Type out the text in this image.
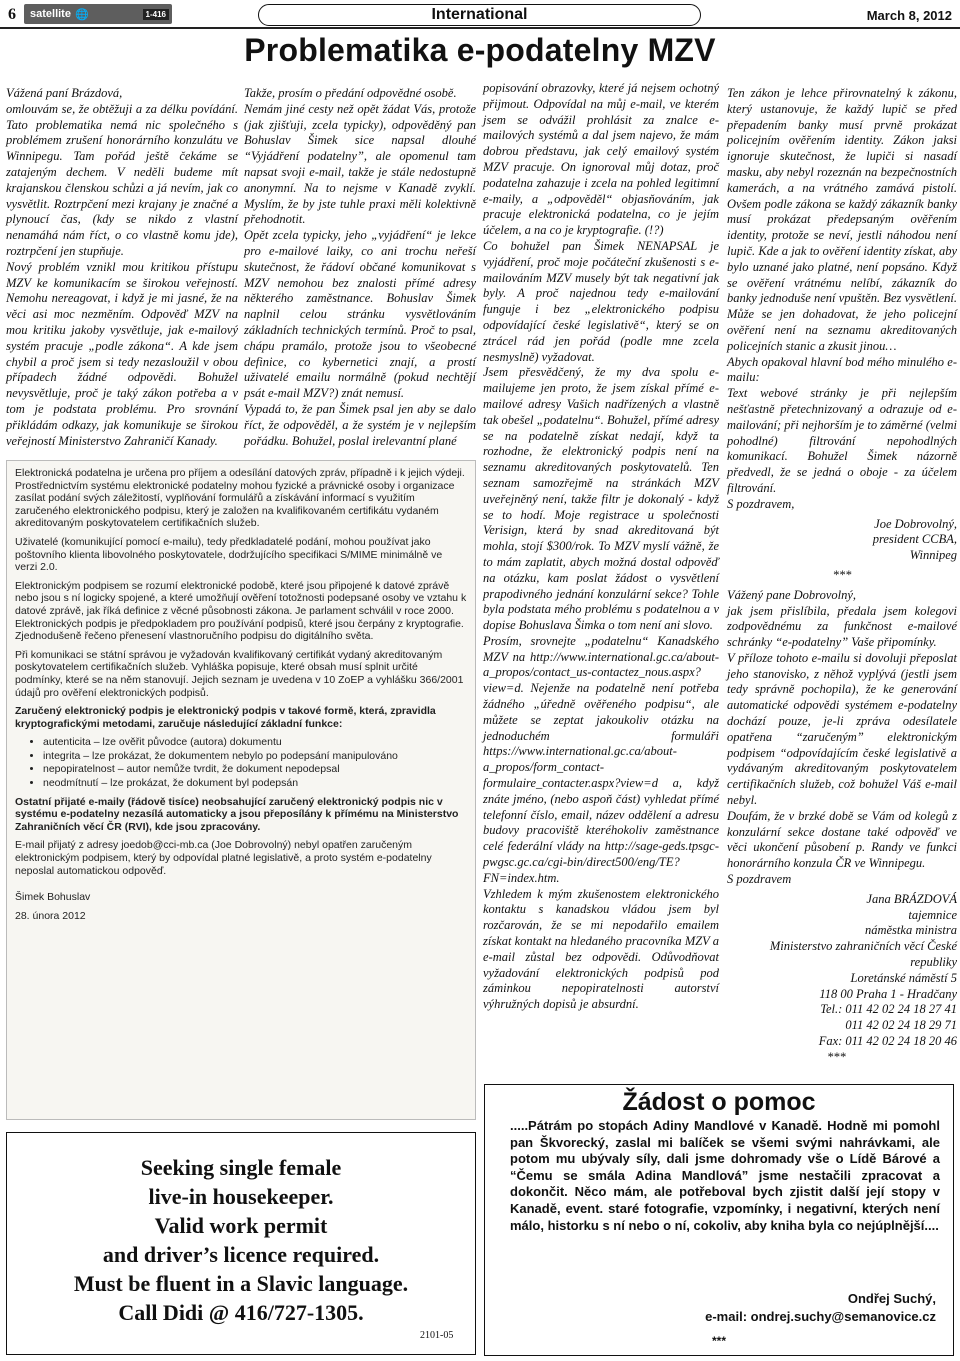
6 satellite 🌐	1-416	International	March 8, 2012
Problematika e-podatelny MZV
Vážená paní Brázdová,
omlouvám se, že obtěžuji a za délku povídání. Tato problematika nemá nic společného s problémem zrušení honorárního konzulátu ve Winnipegu. Tam pořád ještě čekáme se zatajeným dechem. V neděli budeme mít krajanskou členskou schůzi a já nevím, jak co vysvětlit. Roztrpčení mezi krajany je značné a plynoucí čas, (kdy se nikdo z vlastní nenamáhá nám říct, o co vlastně komu jde), roztrpčení jen stupňuje.
Nový problém vznikl mou kritikou přístupu MZV ke komunikacím se širokou veřejností. Nemohu nereagovat, i když je mi jasné, že na věci asi moc nezměním. Odpověď MZV na mou kritiku jakoby vysvětluje, jak e-mailový systém pracuje „podle zákona“. A kde jsem chybil a proč jsem si tedy nezasloužil v obou případech žádné odpovědi. Bohužel nevysvětluje, proč je taký zákon potřeba a v tom je podstata problému. Pro srovnání přikládám odkazy, jak komunikuje se širokou veřejností Ministerstvo Zahraničí Kanady.
Takže, prosím o předání odpovědné osobě.
Nemám jiné cesty než opět žádat Vás, protože (jak zjišťuji, zcela typicky), odpověděný pan Bohuslav Šimek sice napsal dlouhé “Vyjádření podatelny”, ale opomenul tam napsat svoji e-mail, takže je stále nedostupně anonymní. Na to nejsme v Kanadě zvyklí. Myslím, že by jste tuhle praxi měli kolektivně přehodnotit.
Opět zcela typicky, jeho „vyjádření“ je lekce pro e-mailové laiky, co ani trochu neřeší skutečnost, že řádoví občané komunikovat s MZV nemohou bez znalosti přímé adresy některého zaměstnance. Bohuslav Šimek naplnil celou stránku vysvětlováním základních technických termínů. Proč to psal, chápu pramálo, protože jsou to všeobecné definice, co kybernetici znají, a prostí uživatelé emailu normálně (pokud nechtějí psát e-mail MZV?) znát nemusí.
Vypadá to, že pan Šimek psal jen aby se dalo říct, že odpověděl, a že systém je v nejlepším pořádku. Bohužel, poslal irelevantní plané
popisování obrazovky, které já nejsem ochotný přijmout. Odpovídal na můj e-mail, ve kterém jsem se odvážil prohlásit za znalce e-mailových systémů a dal jsem najevo, že mám dobrou představu, jak celý emailový systém MZV pracuje. On ignoroval můj dotaz, proč podatelna zahazuje i zcela na pohled legitimní e-maily, a „odpověděl“ objasňováním, jak pracuje elektronická podatelna, co je jejím účelem, a na co je kryptografie. (!?)
Co bohužel pan Šimek NENAPSAL je vyjádření, proč moje počáteční zkušenosti s e-mailováním MZV musely být tak negativní jak byly. A proč najednou tedy e-mailování funguje i bez „elektronického podpisu odpovídající české legislativě“, který se on ztrácel rád jen pořád (podle mne zcela nesmyslně) vyžadovat.
Jsem přesvědčený, že my dva spolu e-mailujeme jen proto, že jsem získal přímé e-mailové adresy Vašich nadřízených a vlastně tak obešel „podatelnu“. Bohužel, přímé adresy se na podatelně získat nedají, když ta rozhodne, že elektronický podpis není na seznamu akreditovaných poskytovatelů. Ten seznam samozřejmě na stránkách MZV uveřejněný není, takže filtr je dokonalý - když se to hodí. Moje registrace u společnosti Verisign, která by snad akreditovaná být mohla, stojí $300/rok. To MZV myslí vážně, že to mám zaplatit, abych možná dostal odpověď na otázku, kam poslat žádost o vysvětlení prapodivného jednání konzulární sekce? Tohle byla podstata mého problému s podatelnou a v dopise Bohuslava Šimka o tom není ani slovo.
Prosím, srovnejte „podatelnu“ Kanadského MZV na http://www.international.gc.ca/about-a_propos/contact_us-contactez_nous.aspx?view=d. Nejenže na podatelně není potřeba žádného „úředně ověřeného podpisu“, ale můžete se zeptat jakoukoliv otázku na jednoduchém formuláři https://www.international.gc.ca/about-a_propos/form_contact-formulaire_contacter.aspx?view=d a, když znáte jméno, (nebo aspoň část) vyhledat přímé telefonní číslo, email, název oddělení a adresu budovy pracoviště kteréhokoliv zaměstnance celé federální vlády na http://sage-geds.tpsgc-pwgsc.gc.ca/cgi-bin/direct500/eng/TE?FN=index.htm.
Vzhledem k mým zkušenostem elektronického kontaktu s kanadskou vládou jsem byl rozčarován, že se mi nepodařilo emailem získat kontakt na hledaného pracovníka MZV a e-mail zůstal bez odpovědi. Odůvodňovat vyžadování elektronických podpisů pod záminkou nepopiratelnosti autorství výhružných dopisů je absurdní.
Ten zákon je lehce přirovnatelný k zákonu, který ustanovuje, že každý lupič se před přepadením banky musí prvně prokázat policejním ověřením identity. Zákon jaksi ignoruje skutečnost, že lupiči si nasadí masku, aby nebyl rozeznán na bezpečnostních kamerách, a na vrátného zamává pistolí. Ovšem podle zákona se každý zákazník banky musí prokázat předepsaným ověřením identity, protože se neví, jestli náhodou není lupič. Kde a jak to ověření identity získat, aby bylo uznané jako platné, není popsáno. Když se ověření vrátnému nelíbí, zákazník do banky jednoduše není vpuštěn. Bez vysvětlení. Může se jen dohadovat, že jeho policejní ověření není na seznamu akreditovaných policejních stanic a zkusit jinou…
Abych opakoval hlavní bod mého minulého e-mailu:
Text webové stránky je při nejlepším nešťastně přetechnizovaný a odrazuje od e-mailování; při nejhorším je to záměrné (velmi pohodlné) filtrování nepohodlných komunikací. Bohužel Šimek názorně předvedl, že se jedná o oboje - za účelem filtrování.
S pozdravem,
Joe Dobrovolný,
president CCBA,
Winnipeg
***
Vážený pane Dobrovolný,
jak jsem přislíbila, předala jsem kolegovi zodpovědnému za funkčnost e-mailové schránky “e-podatelny” Vaše připomínky.
V příloze tohoto e-mailu si dovoluji přeposlat jeho stanovisko, z něhož vyplývá (jestli jsem tedy správně pochopila), že ke generování automatické odpovědi systémem e-podatelny dochází pouze, je-li zpráva odesílatele opatřena “zaručeným” elektronickým podpisem “odpovídajícím české legislativě a vydávaným akreditovaným poskytovatelem certifikačních služeb, což bohužel Váš e-mail nebyl.
Doufám, že v brzké době se Vám od kolegů z konzulární sekce dostane také odpověď ve věci ukončení působení p. Randy ve funkci honorárního konzula ČR ve Winnipegu.
S pozdravem
Jana BRÁZDOVÁ
tajemnice
náměstka ministra
Ministerstvo zahraničních věcí České republiky
Loretánské náměstí 5
118 00 Praha 1 - Hradčany
Tel.: 011 42 02 24 18 27 41
011 42 02 24 18 29 71
Fax: 011 42 02 24 18 20 46
***

Elektronická podatelna je určena pro příjem a odesílání datových zpráv, případně i k jejich výdeji. Prostřednictvím systému elektronické podatelny mohou fyzické a právnické osoby i organizace zasílat podání svých záležitostí, vyplňování formulářů a získávání informací s využitím zaručeného elektronického podpisu, který je založen na kvalifikovaném certifikátu vydaném akreditovaným poskytovatelem certifikačních služeb.

Uživatelé (komunikující pomocí e-mailu), tedy předkladatelé podání, mohou používat jako poštovního klienta libovolného poskytovatele, dodržujícího specifikaci S/MIME minimálně ve verzi 2.0.

Elektronickým podpisem se rozumí elektronické podobě, které jsou připojené k datové zprávě nebo jsou s ní logicky spojené, a které umožňují ověření totožnosti podepsané osoby ve vztahu k datové zprávě, jak říká definice z věcné působnosti zákona. Je parlament schválil v roce 2000. Elektronických podpis je předpokladem pro používání podpisů, které jsou čerpány z kryptografie. Zjednodušeně řečeno přenesení vlastnoručního podpisu do digitálního světa.

Při komunikaci se státní správou je vyžadován kvalifikovaný certifikát vydaný akreditovaným poskytovatelem certifikačních služeb. Vyhláška popisuje, které obsah musí splnit určité podmínky, které se na něm stanovují. Jejich seznam je uvedena v 10 ZoEP a vyhlášku 366/2001 údajů pro ověření elektronických podpisů.

Zaručený elektronický podpis je elektronický podpis v takové formě, která, zpravidla kryptografickými metodami, zaručuje následující základní funkce:

• autenticita – lze ověřit původce (autora) dokumentu
• integrita – lze prokázat, že dokumentem nebylo po podepsání manipulováno
• nepopiratelnost – autor nemůže tvrdit, že dokument nepodepsal
• neodmítnutí – lze prokázat, že dokument byl podepsán

Ostatní přijaté e-maily (řádově tisíce) neobsahující zaručený elektronický podpis nic v systému e-podatelny nezasílá automaticky a jsou přeposílány k přímému na Ministerstvo Zahraničních věcí ČR (RVI), kde jsou zpracovány.

E-mail přijatý z adresy joedob@cci-mb.ca (Joe Dobrovolný) nebyl opatřen zaručeným elektronickým podpisem, který by odpovídal platné legislativě, a proto systém e-podatelny neposlal automatickou odpověď.

Šimek Bohuslav

28. února 2012

Seeking single female
live-in housekeeper.
Valid work permit
and driver’s licence required.
Must be fluent in a Slavic language.
Call Didi @ 416/727-1305.
2101-05
Žádost o pomoc
.....Pátrám po stopách Adiny Mandlové v Kanadě. Hodně mi pomohl pan Škvorecký, zaslal mi balíček se všemi svými nahrávkami, ale potom mu ubývaly síly, dali jsme dohromady vše o Lídě Bárové a “Čemu se smála Adina Mandlová” jsme nestačili zpracovat a dokončit. Něco mám, ale potřeboval bych zjistit další její stopy v Kanadě, event. staré fotografie, vzpomínky, i negativní, kterých není málo, historku s ní nebo o ní, cokoliv, aby kniha byla co nejúplnější....
Ondřej Suchý,
e-mail: ondrej.suchy@semanovice.cz
***
